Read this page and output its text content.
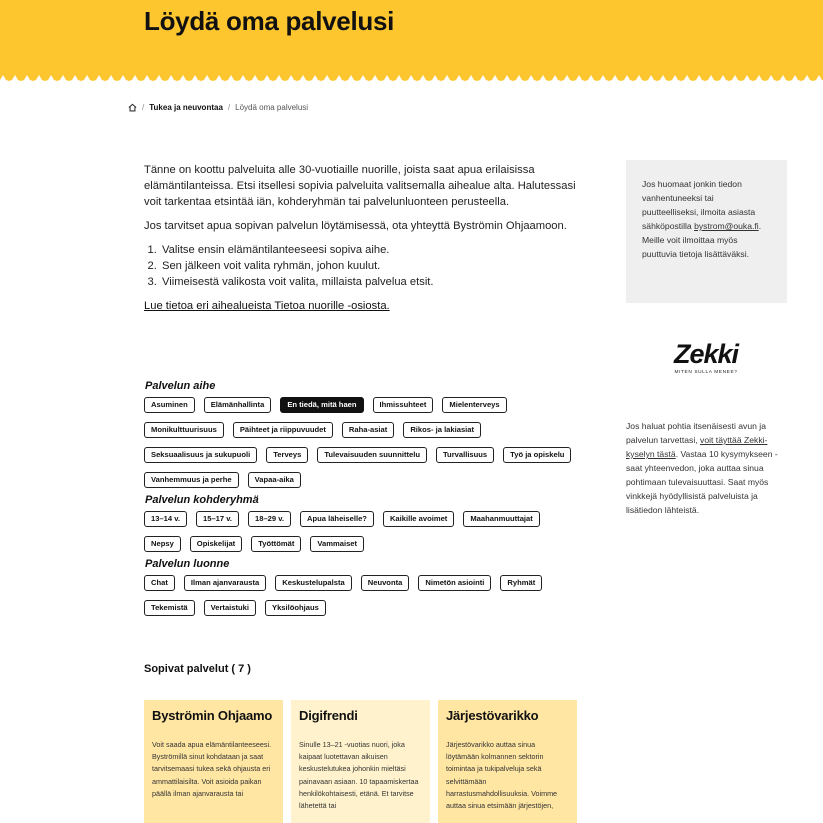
Löydä oma palvelusi
/ Tukea ja neuvontaa / Löydä oma palvelusi

Tänne on koottu palveluita alle 30-vuotiaille nuorille, joista saat apua erilaisissa elämäntilanteissa. Etsi itsellesi sopivia palveluita valitsemalla aihealue alta. Halutessasi voit tarkentaa etsintää iän, kohderyhmän tai palvelunluonteen perusteella.

Jos tarvitset apua sopivan palvelun löytämisessä, ota yhteyttä Byströmin Ohjaamoon.

1. Valitse ensin elämäntilanteeseesi sopiva aihe.
2. Sen jälkeen voit valita ryhmän, johon kuulut.
3. Viimeisestä valikosta voit valita, millaista palvelua etsit.
Lue tietoa eri aihealueista Tietoa nuorille -osiosta.
Palvelun aihe
Asuminen	Elämänhallinta	En tiedä, mitä haen	Ihmissuhteet	Mielenterveys
Monikulttuurisuus	Päihteet ja riippuvuudet	Raha-asiat	Rikos- ja lakiasiat
Seksuaalisuus ja sukupuoli	Terveys	Tulevaisuuden suunnittelu	Turvallisuus	Työ ja opiskelu
Vanhemmuus ja perhe	Vapaa-aika
Palvelun kohderyhmä
13–14 v.	15–17 v.	18–29 v.	Apua läheiselle?	Kaikille avoimet	Maahanmuuttajat
Nepsy	Opiskelijat	Työttömät	Vammaiset
Palvelun luonne
Chat	Ilman ajanvarausta	Keskustelupalsta	Neuvonta	Nimetön asiointi	Ryhmät
Tekemistä	Vertaistuki	Yksilöohjaus
Sopivat palvelut ( 7 )
Byströmin Ohjaamo

Voit saada apua elämäntilanteeseesi. Byströmillä sinut kohdataan ja saat tarvitsemaasi tukea sekä ohjausta eri ammattilaisilta. Voit asioida paikan päällä ilman ajanvarausta tai

Digifrendi

Sinulle 13–21 -vuotias nuori, joka kaipaat luotettavan aikuisen keskustelutukea johonkin mieltäsi painavaan asiaan. 10 tapaamiskertaa henkilökohtaisesti, etänä. Et tarvitse lähetettä tai

Järjestövarikko

Järjestövarikko auttaa sinua löytämään kolmannen sektorin toimintaa ja tukipalveluja sekä selvittämään harrastusmahdollisuuksia. Voimme auttaa sinua etsimään järjestöjen,

Jos huomaat jonkin tiedon vanhentuneeksi tai puutteelliseksi, ilmoita asiasta sähköpostilla bystrom@ouka.fi. Meille voit ilmoittaa myös puuttuvia tietoja lisättäväksi.
Zekki
MITEN SULLA MENEE?
Jos haluat pohtia itsenäisesti avun ja palvelun tarvettasi, voit täyttää Zekki-kyselyn tästä. Vastaa 10 kysymykseen - saat yhteenvedon, joka auttaa sinua pohtimaan tulevaisuuttasi. Saat myös vinkkejä hyödyllisistä palveluista ja lisätiedon lähteistä.
